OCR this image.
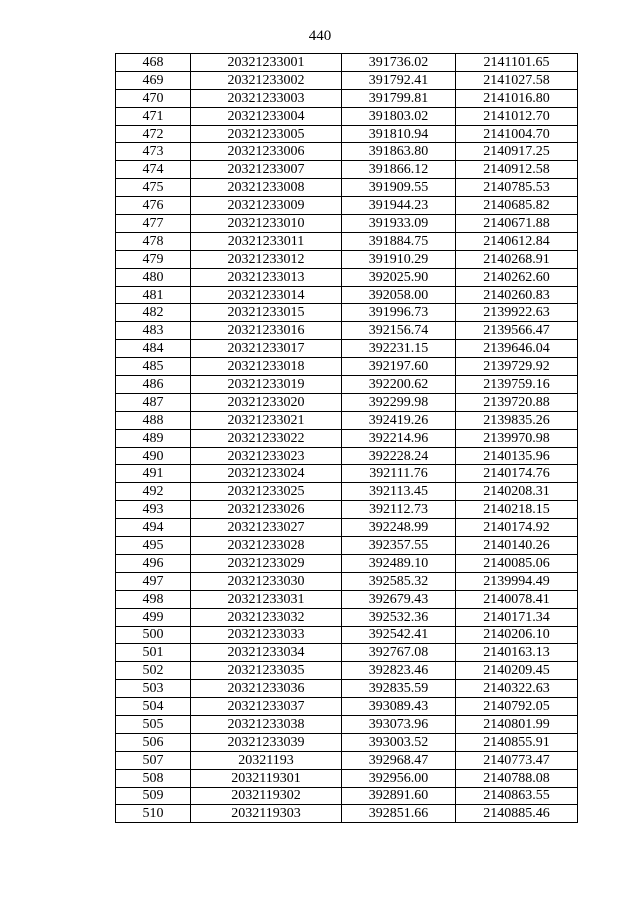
440
468	20321233001	391736.02	2141101.65
469	20321233002	391792.41	2141027.58
470	20321233003	391799.81	2141016.80
471	20321233004	391803.02	2141012.70
472	20321233005	391810.94	2141004.70
473	20321233006	391863.80	2140917.25
474	20321233007	391866.12	2140912.58
475	20321233008	391909.55	2140785.53
476	20321233009	391944.23	2140685.82
477	20321233010	391933.09	2140671.88
478	20321233011	391884.75	2140612.84
479	20321233012	391910.29	2140268.91
480	20321233013	392025.90	2140262.60
481	20321233014	392058.00	2140260.83
482	20321233015	391996.73	2139922.63
483	20321233016	392156.74	2139566.47
484	20321233017	392231.15	2139646.04
485	20321233018	392197.60	2139729.92
486	20321233019	392200.62	2139759.16
487	20321233020	392299.98	2139720.88
488	20321233021	392419.26	2139835.26
489	20321233022	392214.96	2139970.98
490	20321233023	392228.24	2140135.96
491	20321233024	392111.76	2140174.76
492	20321233025	392113.45	2140208.31
493	20321233026	392112.73	2140218.15
494	20321233027	392248.99	2140174.92
495	20321233028	392357.55	2140140.26
496	20321233029	392489.10	2140085.06
497	20321233030	392585.32	2139994.49
498	20321233031	392679.43	2140078.41
499	20321233032	392532.36	2140171.34
500	20321233033	392542.41	2140206.10
501	20321233034	392767.08	2140163.13
502	20321233035	392823.46	2140209.45
503	20321233036	392835.59	2140322.63
504	20321233037	393089.43	2140792.05
505	20321233038	393073.96	2140801.99
506	20321233039	393003.52	2140855.91
507	20321193	392968.47	2140773.47
508	2032119301	392956.00	2140788.08
509	2032119302	392891.60	2140863.55
510	2032119303	392851.66	2140885.46
